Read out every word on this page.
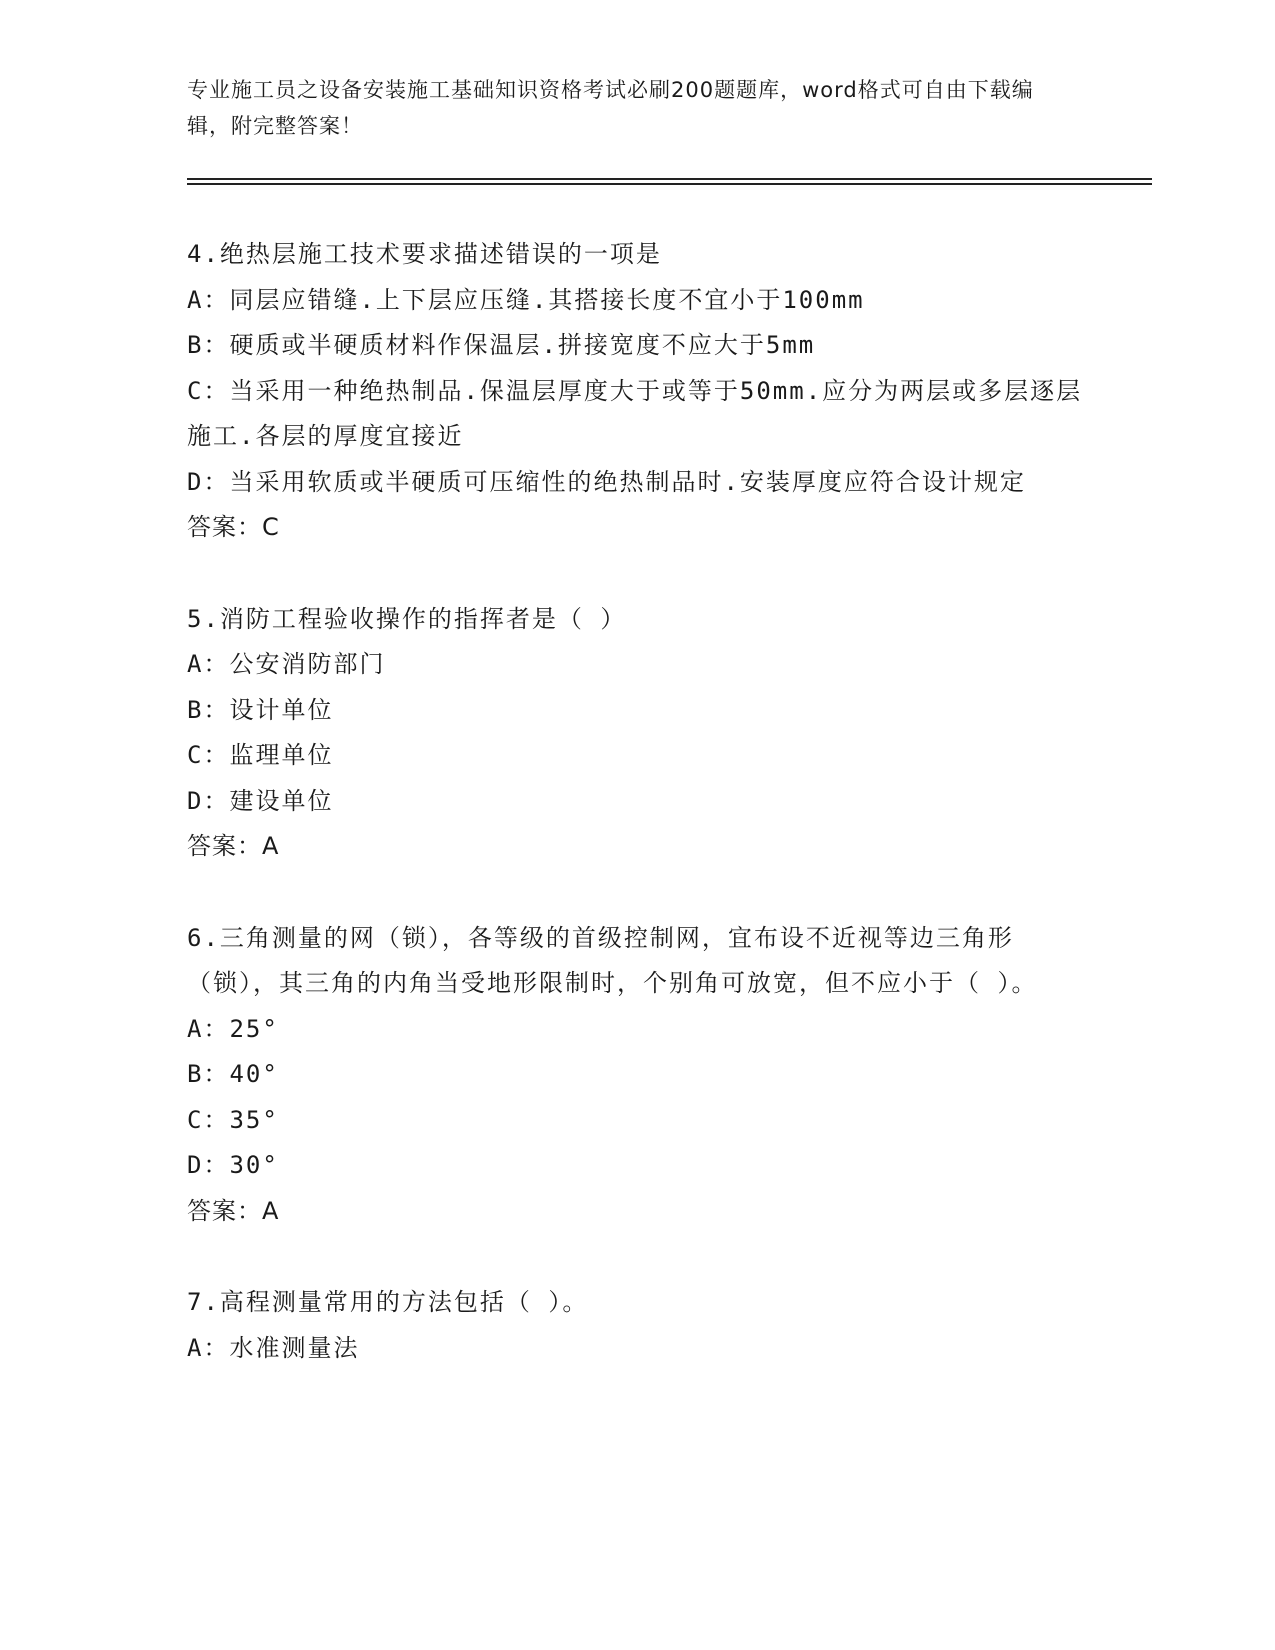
专业施工员之设备安装施工基础知识资格考试必刷200题题库，word格式可自由下载编辑，附完整答案！

4.绝热层施工技术要求描述错误的一项是

A：同层应错缝.上下层应压缝.其搭接长度不宜小于100mm

B：硬质或半硬质材料作保温层.拼接宽度不应大于5mm

C：当采用一种绝热制品.保温层厚度大于或等于50mm.应分为两层或多层逐层施工.各层的厚度宜接近

D：当采用软质或半硬质可压缩性的绝热制品时.安装厚度应符合设计规定

答案：C

5.消防工程验收操作的指挥者是（ ）

A：公安消防部门

B：设计单位

C：监理单位

D：建设单位

答案：A

6.三角测量的网（锁），各等级的首级控制网，宜布设不近视等边三角形（锁），其三角的内角当受地形限制时，个别角可放宽，但不应小于（ ）。

A：25°

B：40°

C：35°

D：30°

答案：A

7.高程测量常用的方法包括（ ）。

A：水准测量法
